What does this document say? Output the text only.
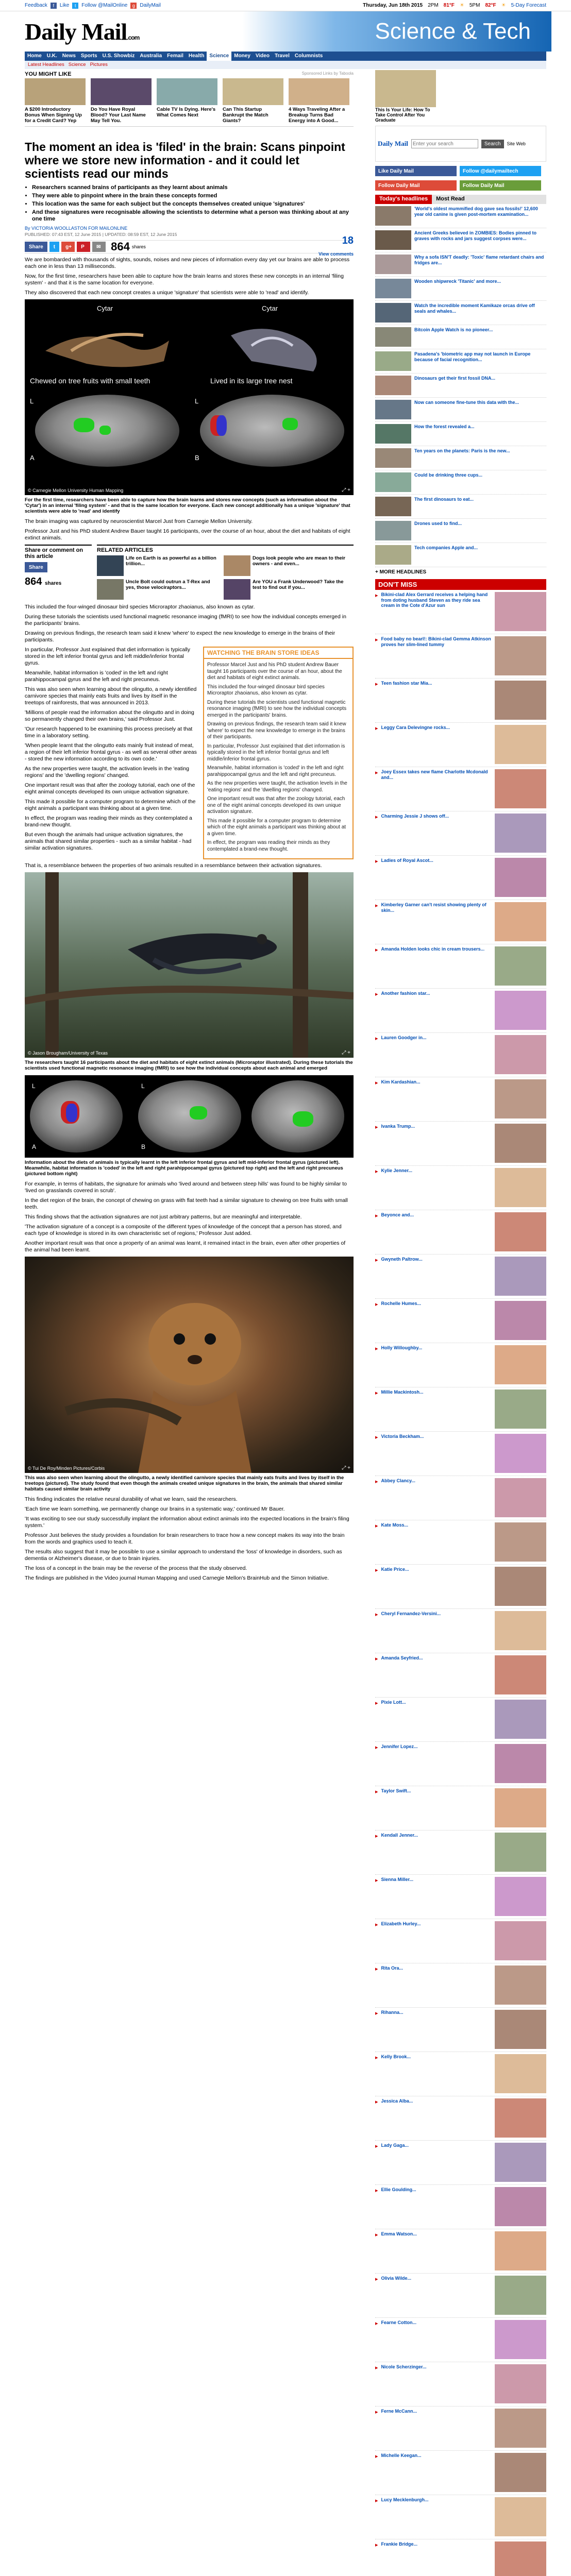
Feedback	f	Like	t	Follow @MailOnline	g DailyMail	Thursday, Jun 18th 2015 2PM 81°F ☀ 5PM 82°F ☀ 5-Day Forecast
Daily Mail.com	Science & Tech
Home	U.K.	News	Sports	U.S. Showbiz	Australia	Femail	Health	Science	Money	Video	Travel	Columnists
Latest Headlines Science Pictures
YOU MIGHT LIKE	Sponsored Links by Taboola

A $200 Introductory Bonus When Signing Up for a Credit Card? Yep

Do You Have Royal Blood? Your Last Name May Tell You.

Cable TV Is Dying. Here's What Comes Next

Can This Startup Bankrupt the Match Giants?

4 Ways Traveling After a Breakup Turns Bad Energy into A Good...

The moment an idea is 'filed' in the brain: Scans pinpoint where we store new information - and it could let scientists read our minds
• Researchers scanned brains of participants as they learnt about animals
• They were able to pinpoint where in the brain these concepts formed
• This location was the same for each subject but the concepts themselves created unique 'signatures'
• And these signatures were recognisable allowing the scientists to determine what a person was thinking about at any one time
By VICTORIA WOOLLASTON FOR MAILONLINE
PUBLISHED: 07:43 EST, 12 June 2015 | UPDATED: 08:59 EST, 12 June 2015
Share	t	g+	P	✉ 864 shares
18
View comments

We are bombarded with thousands of sights, sounds, noises and new pieces of information every day yet our brains are able to process each one in less than 13 milliseconds.

Now, for the first time, researchers have been able to capture how the brain learns and stores these new concepts in an internal 'filing system' - and that it is the same location for everyone.

They also discovered that each new concept creates a unique 'signature' that scientists were able to 'read' and identify.

Cytar
Chewed on tree fruits with small teeth
L
A
Cytar
Lived in its large tree nest
L
B
© Carnegie Mellon University Human Mapping	⤢ +
For the first time, researchers have been able to capture how the brain learns and stores new concepts (such as information about the 'Cytar') in an internal 'filing system' - and that is the same location for everyone. Each new concept additionally has a unique 'signature' that scientists were able to 'read' and identify

The brain imaging was captured by neuroscientist Marcel Just from Carnegie Mellon University.

Professor Just and his PhD student Andrew Bauer taught 16 participants, over the course of an hour, about the diet and habitats of eight extinct animals.

Share or comment on this article
Share
864 shares
RELATED ARTICLES
Life on Earth is as powerful as a billion trillion...
Dogs look people who are mean to their owners - and even...
Uncle Bolt could outrun a T-Rex and yes, those velociraptors...
Are YOU a Frank Underwood? Take the test to find out if you...

This included the four-winged dinosaur bird species Microraptor zhaoianus, also known as cytar.

During these tutorials the scientists used functional magnetic resonance imaging (fMRI) to see how the individual concepts emerged in the participants' brains.

Drawing on previous findings, the research team said it knew 'where' to expect the new knowledge to emerge in the brains of their participants.

WATCHING THE BRAIN STORE IDEAS

Professor Marcel Just and his PhD student Andrew Bauer taught 16 participants over the course of an hour, about the diet and habitats of eight extinct animals.

This included the four-winged dinosaur bird species Microraptor zhaoianus, also known as cytar.

During these tutorials the scientists used functional magnetic resonance imaging (fMRI) to see how the individual concepts emerged in the participants' brains.

Drawing on previous findings, the research team said it knew 'where' to expect the new knowledge to emerge in the brains of their participants.

In particular, Professor Just explained that diet information is typically stored in the left inferior frontal gyrus and left middle/inferior frontal gyrus.

Meanwhile, habitat information is 'coded' in the left and right parahippocampal gyrus and the left and right precuneus.

As the new properties were taught, the activation levels in the 'eating regions' and the 'dwelling regions' changed.

One important result was that after the zoology tutorial, each one of the eight animal concepts developed its own unique activation signature.

This made it possible for a computer program to determine which of the eight animals a participant was thinking about at a given time.

In effect, the program was reading their minds as they contemplated a brand-new thought.

In particular, Professor Just explained that diet information is typically stored in the left inferior frontal gyrus and left middle/inferior frontal gyrus.

Meanwhile, habitat information is 'coded' in the left and right parahippocampal gyrus and the left and right precuneus.

This was also seen when learning about the olingutto, a newly identified carnivore species that mainly eats fruits and lives by itself in the treetops of rainforests, that was announced in 2013.

'Millions of people read the information about the olingutto and in doing so permanently changed their own brains,' said Professor Just.

'Our research happened to be examining this process precisely at that time in a laboratory setting.

'When people learnt that the olingutto eats mainly fruit instead of meat, a region of their left inferior frontal gyrus - as well as several other areas - stored the new information according to its own code.'

As the new properties were taught, the activation levels in the 'eating regions' and the 'dwelling regions' changed.

One important result was that after the zoology tutorial, each one of the eight animal concepts developed its own unique activation signature.

This made it possible for a computer program to determine which of the eight animals a participant was thinking about at a given time.

In effect, the program was reading their minds as they contemplated a brand-new thought.

But even though the animals had unique activation signatures, the animals that shared similar properties - such as a similar habitat - had similar activation signatures.

That is, a resemblance between the properties of two animals resulted in a resemblance between their activation signatures.

© Jason Brougham/University of Texas	⤢ +
The researchers taught 16 participants about the diet and habitats of eight extinct animals (Microraptor illustrated). During these tutorials the scientists used functional magnetic resonance imaging (fMRI) to see how the individual concepts about each animal and emerged
L
A
L
B
Information about the diets of animals is typically learnt in the left inferior frontal gyrus and left mid-inferior frontal gyrus (pictured left). Meanwhile, habitat information is 'coded' in the left and right parahippocampal gyrus (pictured top right) and the left and right precuneus (pictured bottom right)

For example, in terms of habitats, the signature for animals who 'lived around and between steep hills' was found to be highly similar to 'lived on grasslands covered in scrub'.

In the diet region of the brain, the concept of chewing on grass with flat teeth had a similar signature to chewing on tree fruits with small teeth.

This finding shows that the activation signatures are not just arbitrary patterns, but are meaningful and interpretable.

'The activation signature of a concept is a composite of the different types of knowledge of the concept that a person has stored, and each type of knowledge is stored in its own characteristic set of regions,' Professor Just added.

Another important result was that once a property of an animal was learnt, it remained intact in the brain, even after other properties of the animal had been learnt.

© Tui De Roy/Minden Pictures/Corbis	⤢ +
This was also seen when learning about the olingutto, a newly identified carnivore species that mainly eats fruits and lives by itself in the treetops (pictured). The study found that even though the animals created unique signatures in the brain, the animals that shared similar habitats caused similar brain activity

This finding indicates the relative neural durability of what we learn, said the researchers.

'Each time we learn something, we permanently change our brains in a systematic way,' continued Mr Bauer.

'It was exciting to see our study successfully implant the information about extinct animals into the expected locations in the brain's filing system.'

Professor Just believes the study provides a foundation for brain researchers to trace how a new concept makes its way into the brain from the words and graphics used to teach it.

The results also suggest that it may be possible to use a similar approach to understand the 'loss' of knowledge in disorders, such as dementia or Alzheimer's disease, or due to brain injuries.

The loss of a concept in the brain may be the reverse of the process that the study observed.

The findings are published in the Video journal Human Mapping and used Carnegie Mellon's BrainHub and the Simon Initiative.

This Is Your Life: How To Take Control After You Graduate

Daily Mail
Enter your search	Search	Site Web
Like Daily Mail	Follow @dailymailtech
Follow Daily Mail	Follow Daily Mail
Today's headlines	Most Read

'World's oldest mummified dog gave sea fossils!' 12,600 year old canine is given post-mortem examination...

Ancient Greeks believed in ZOMBIES: Bodies pinned to graves with rocks and jars suggest corpses were...

Why a sofa ISN'T deadly: 'Toxic' flame retardant chairs and fridges are...

Wooden shipwreck 'Titanic' and more...

Watch the incredible moment Kamikaze orcas drive off seals and whales...

Bitcoin Apple Watch is no pioneer...

Pasadena's 'biometric app may not launch in Europe because of facial recognition...

Dinosaurs get their first fossil DNA...

Now can someone fine-tune this data with the...

How the forest revealed a...

Ten years on the planets: Paris is the new...

Could be drinking three cups...

The first dinosaurs to eat...

Drones used to find...

Tech companies Apple and...

+ MORE HEADLINES
DON'T MISS
▸ Bikini-clad Alex Gerrard receives a helping hand from doting husband Steven as they ride sea cream in the Cote d'Azur sun

▸ Food baby no bearl!: Bikini-clad Gemma Atkinson proves her slim-lined tummy

▸ Teen fashion star Mia...

▸ Leggy Cara Delevingne rocks...

▸ Joey Essex takes new flame Charlotte Mcdonald and...

▸ Charming Jessie J shows off...

▸ Ladies of Royal Ascot...

▸ Kimberley Garner can't resist showing plenty of skin...

▸ Amanda Holden looks chic in cream trousers...

▸ Another fashion star...

▸ Lauren Goodger in...

▸ Kim Kardashian...

▸ Ivanka Trump...

▸ Kylie Jenner...

▸ Beyonce and...

▸ Gwyneth Paltrow...

▸ Rochelle Humes...

▸ Holly Willoughby...

▸ Millie Mackintosh...

▸ Victoria Beckham...

▸ Abbey Clancy...

▸ Kate Moss...

▸ Katie Price...

▸ Cheryl Fernandez-Versini...

▸ Amanda Seyfried...

▸ Pixie Lott...

▸ Jennifer Lopez...

▸ Taylor Swift...

▸ Kendall Jenner...

▸ Sienna Miller...

▸ Elizabeth Hurley...

▸ Rita Ora...

▸ Rihanna...

▸ Kelly Brook...

▸ Jessica Alba...

▸ Lady Gaga...

▸ Ellie Goulding...

▸ Emma Watson...

▸ Olivia Wilde...

▸ Fearne Cotton...

▸ Nicole Scherzinger...

▸ Ferne McCann...

▸ Michelle Keegan...

▸ Lucy Mecklenburgh...

▸ Frankie Bridge...
